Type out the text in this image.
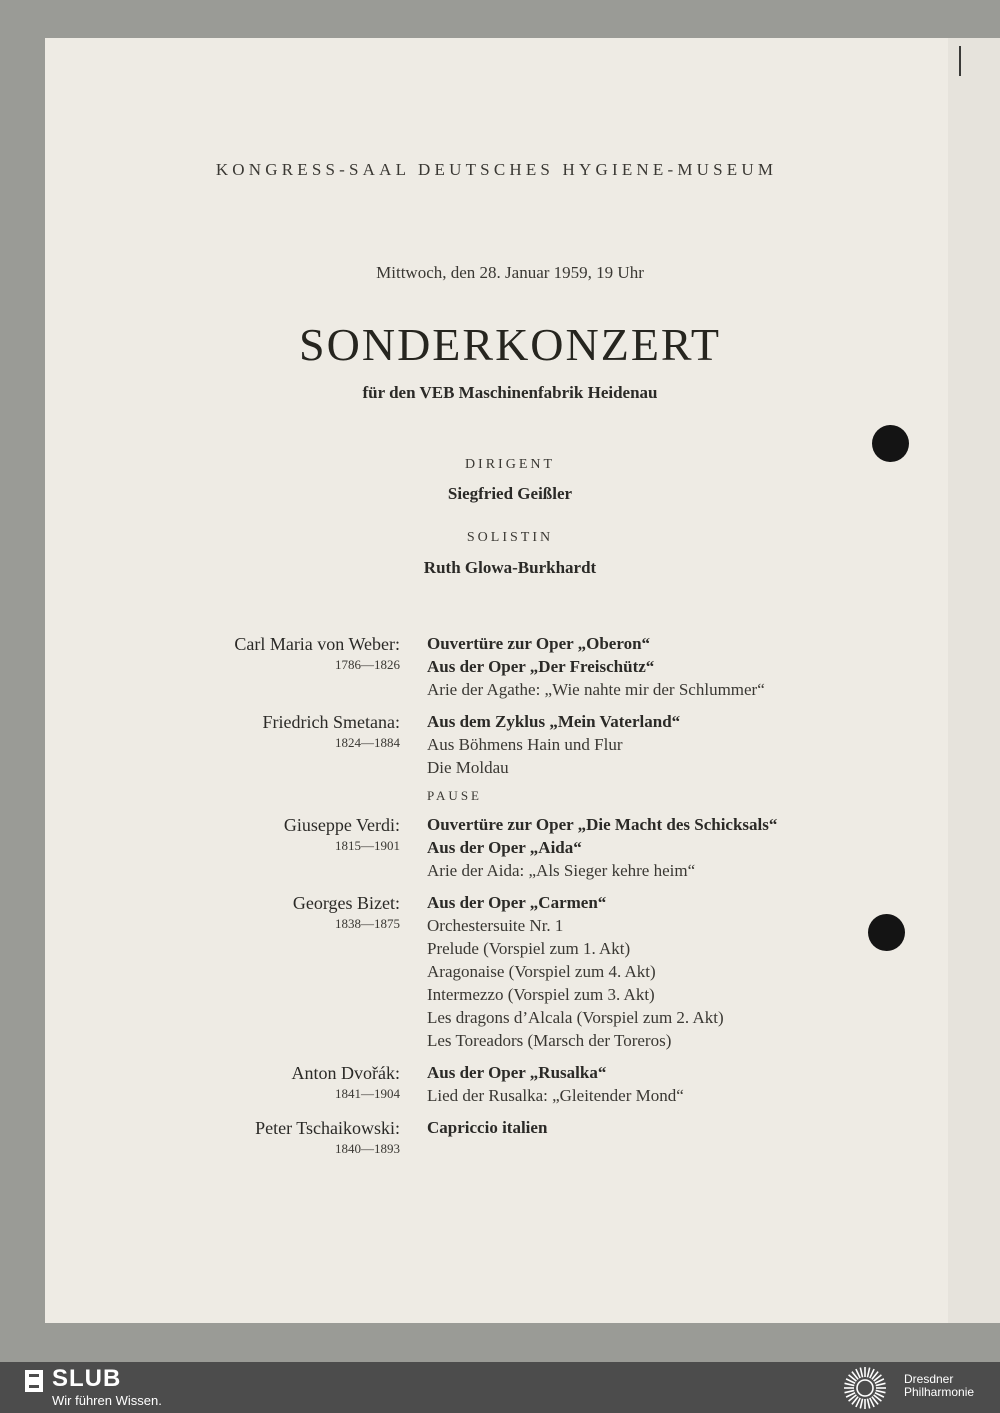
KONGRESS-SAAL DEUTSCHES HYGIENE-MUSEUM
Mittwoch, den 28. Januar 1959, 19 Uhr
SONDERKONZERT
für den VEB Maschinenfabrik Heidenau
DIRIGENT
Siegfried Geißler
SOLISTIN
Ruth Glowa-Burkhardt
Carl Maria von Weber:
1786—1826
Ouvertüre zur Oper „Oberon“
Aus der Oper „Der Freischütz“
Arie der Agathe: „Wie nahte mir der Schlummer“
Friedrich Smetana:
1824—1884
Aus dem Zyklus „Mein Vaterland“
Aus Böhmens Hain und Flur
Die Moldau
PAUSE
Giuseppe Verdi:
1815—1901
Ouvertüre zur Oper „Die Macht des Schicksals“
Aus der Oper „Aida“
Arie der Aida: „Als Sieger kehre heim“
Georges Bizet:
1838—1875
Aus der Oper „Carmen“
Orchestersuite Nr. 1
Prelude (Vorspiel zum 1. Akt)
Aragonaise (Vorspiel zum 4. Akt)
Intermezzo (Vorspiel zum 3. Akt)
Les dragons d’Alcala (Vorspiel zum 2. Akt)
Les Toreadors (Marsch der Toreros)
Anton Dvořák:
1841—1904
Aus der Oper „Rusalka“
Lied der Rusalka: „Gleitender Mond“
Peter Tschaikowski:
1840—1893
Capriccio italien
SLUB
Wir führen Wissen.
Dresdner
Philharmonie
